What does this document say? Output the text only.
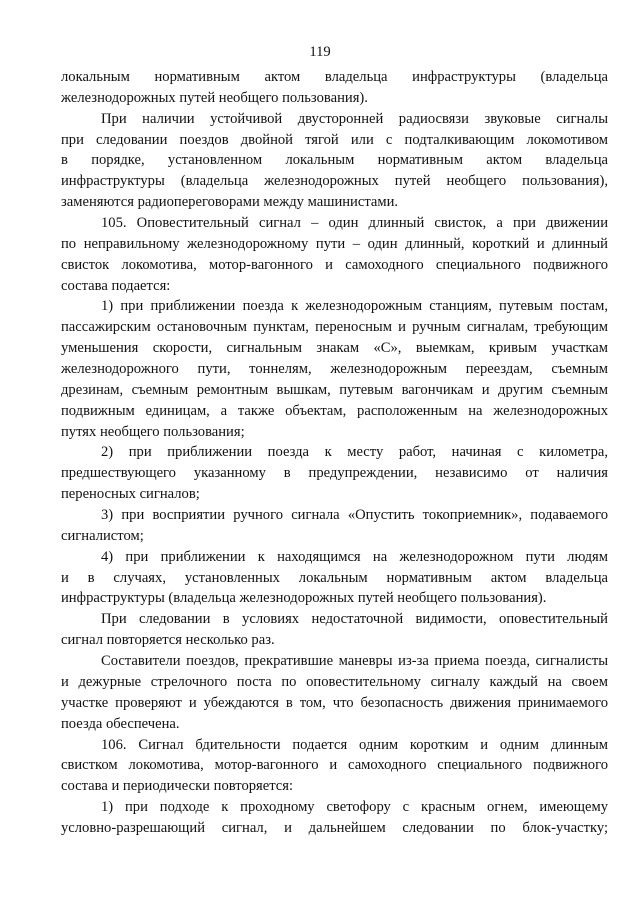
119
локальным нормативным актом владельца инфраструктуры (владельца
железнодорожных путей необщего пользования).
При наличии устойчивой двусторонней радиосвязи звуковые сигналы
при следовании поездов двойной тягой или с подталкивающим локомотивом
в порядке, установленном локальным нормативным актом владельца
инфраструктуры (владельца железнодорожных путей необщего пользования),
заменяются радиопереговорами между машинистами.
105. Оповестительный сигнал – один длинный свисток, а при движении
по неправильному железнодорожному пути – один длинный, короткий и длинный
свисток локомотива, мотор-вагонного и самоходного специального подвижного
состава подается:
1) при приближении поезда к железнодорожным станциям, путевым постам,
пассажирским остановочным пунктам, переносным и ручным сигналам, требующим
уменьшения скорости, сигнальным знакам «С», выемкам, кривым участкам
железнодорожного пути, тоннелям, железнодорожным переездам, съемным
дрезинам, съемным ремонтным вышкам, путевым вагончикам и другим съемным
подвижным единицам, а также объектам, расположенным на железнодорожных
путях необщего пользования;
2) при приближении поезда к месту работ, начиная с километра,
предшествующего указанному в предупреждении, независимо от наличия
переносных сигналов;
3) при восприятии ручного сигнала «Опустить токоприемник», подаваемого
сигналистом;
4) при приближении к находящимся на железнодорожном пути людям
и в случаях, установленных локальным нормативным актом владельца
инфраструктуры (владельца железнодорожных путей необщего пользования).
При следовании в условиях недостаточной видимости, оповестительный
сигнал повторяется несколько раз.
Составители поездов, прекратившие маневры из-за приема поезда, сигналисты
и дежурные стрелочного поста по оповестительному сигналу каждый на своем
участке проверяют и убеждаются в том, что безопасность движения принимаемого
поезда обеспечена.
106. Сигнал бдительности подается одним коротким и одним длинным
свистком локомотива, мотор-вагонного и самоходного специального подвижного
состава и периодически повторяется:
1) при подходе к проходному светофору с красным огнем, имеющему
условно-разрешающий сигнал, и дальнейшем следовании по блок-участку;
